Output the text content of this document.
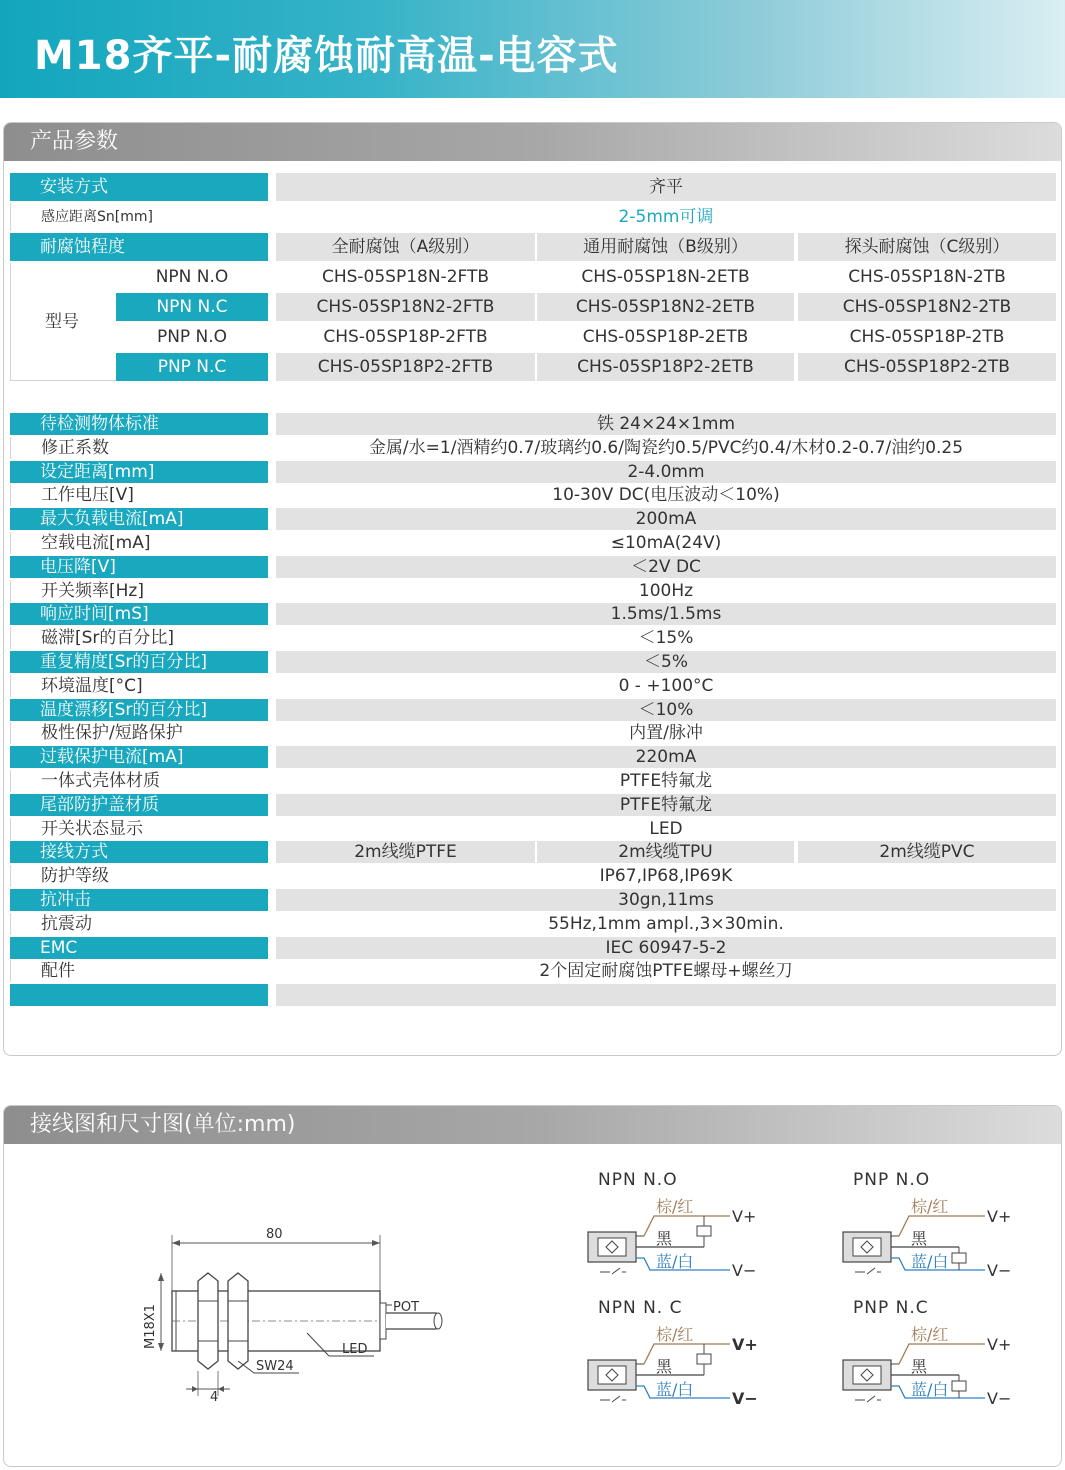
M18齐平-耐腐蚀耐高温-电容式
产品参数
安装方式	齐平
感应距离Sn[mm]	2-5mm可调
耐腐蚀程度	全耐腐蚀（A级别）	通用耐腐蚀（B级别）	探头耐腐蚀（C级别）
型号
NPN N.O	CHS-05SP18N-2FTB	CHS-05SP18N-2ETB	CHS-05SP18N-2TB
NPN N.C	CHS-05SP18N2-2FTB	CHS-05SP18N2-2ETB	CHS-05SP18N2-2TB
PNP N.O	CHS-05SP18P-2FTB	CHS-05SP18P-2ETB	CHS-05SP18P-2TB
PNP N.C	CHS-05SP18P2-2FTB	CHS-05SP18P2-2ETB	CHS-05SP18P2-2TB
待检测物体标准	铁 24×24×1mm
修正系数	金属/水=1/酒精约0.7/玻璃约0.6/陶瓷约0.5/PVC约0.4/木材0.2-0.7/油约0.25
设定距离[mm]	2-4.0mm
工作电压[V]	10-30V DC(电压波动＜10%)
最大负载电流[mA]	200mA
空载电流[mA]	≤10mA(24V)
电压降[V]	＜2V DC
开关频率[Hz]	100Hz
响应时间[mS]	1.5ms/1.5ms
磁滞[Sr的百分比]	＜15%
重复精度[Sr的百分比]	＜5%
环境温度[°C]	0 - +100°C
温度漂移[Sr的百分比]	＜10%
极性保护/短路保护	内置/脉冲
过载保护电流[mA]	220mA
一体式壳体材质	PTFE特氟龙
尾部防护盖材质	PTFE特氟龙
开关状态显示	LED
接线方式	2m线缆PTFE	2m线缆TPU	2m线缆PVC
防护等级	IP67,IP68,IP69K
抗冲击	30gn,11ms
抗震动	55Hz,1mm ampl.,3×30min.
EMC	IEC 60947-5-2
配件	2个固定耐腐蚀PTFE螺母+螺丝刀
接线图和尺寸图(单位:mm)
80
M18X1	POT
LED
SW24
4
NPN N.O
棕/红
黑
蓝/白
V+
V−
PNP N.O
棕/红
黑
蓝/白
V+
V−
NPN N. C
棕/红
黑
蓝/白
V+
V−
PNP N.C
棕/红
黑
蓝/白
V+
V−
